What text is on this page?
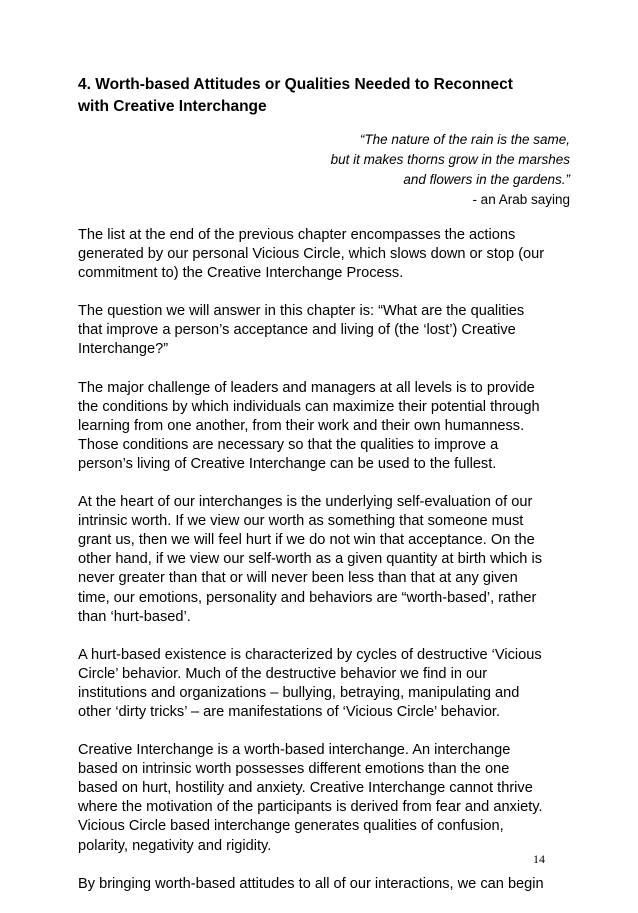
4. Worth-based Attitudes or Qualities Needed to Reconnect
with Creative Interchange
“The nature of the rain is the same,
but it makes thorns grow in the marshes
and flowers in the gardens.”
- an Arab saying
The list at the end of the previous chapter encompasses the actions
generated by our personal Vicious Circle, which slows down or stop (our
commitment to) the Creative Interchange Process.
The question we will answer in this chapter is: “What are the qualities
that improve a person’s acceptance and living of (the ‘lost’) Creative
Interchange?”
The major challenge of leaders and managers at all levels is to provide
the conditions by which individuals can maximize their potential through
learning from one another, from their work and their own humanness.
Those conditions are necessary so that the qualities to improve a
person’s living of Creative Interchange can be used to the fullest.
At the heart of our interchanges is the underlying self-evaluation of our
intrinsic worth. If we view our worth as something that someone must
grant us, then we will feel hurt if we do not win that acceptance. On the
other hand, if we view our self-worth as a given quantity at birth which is
never greater than that or will never been less than that at any given
time, our emotions, personality and behaviors are “worth-based’, rather
than ‘hurt-based’.
A hurt-based existence is characterized by cycles of destructive ‘Vicious
Circle’ behavior. Much of the destructive behavior we find in our
institutions and organizations – bullying, betraying, manipulating and
other ‘dirty tricks’ – are manifestations of ‘Vicious Circle’ behavior.
Creative Interchange is a worth-based interchange. An interchange
based on intrinsic worth possesses different emotions than the one
based on hurt, hostility and anxiety. Creative Interchange cannot thrive
where the motivation of the participants is derived from fear and anxiety.
Vicious Circle based interchange generates qualities of confusion,
polarity, negativity and rigidity.
By bringing worth-based attitudes to all of our interactions, we can begin
14
